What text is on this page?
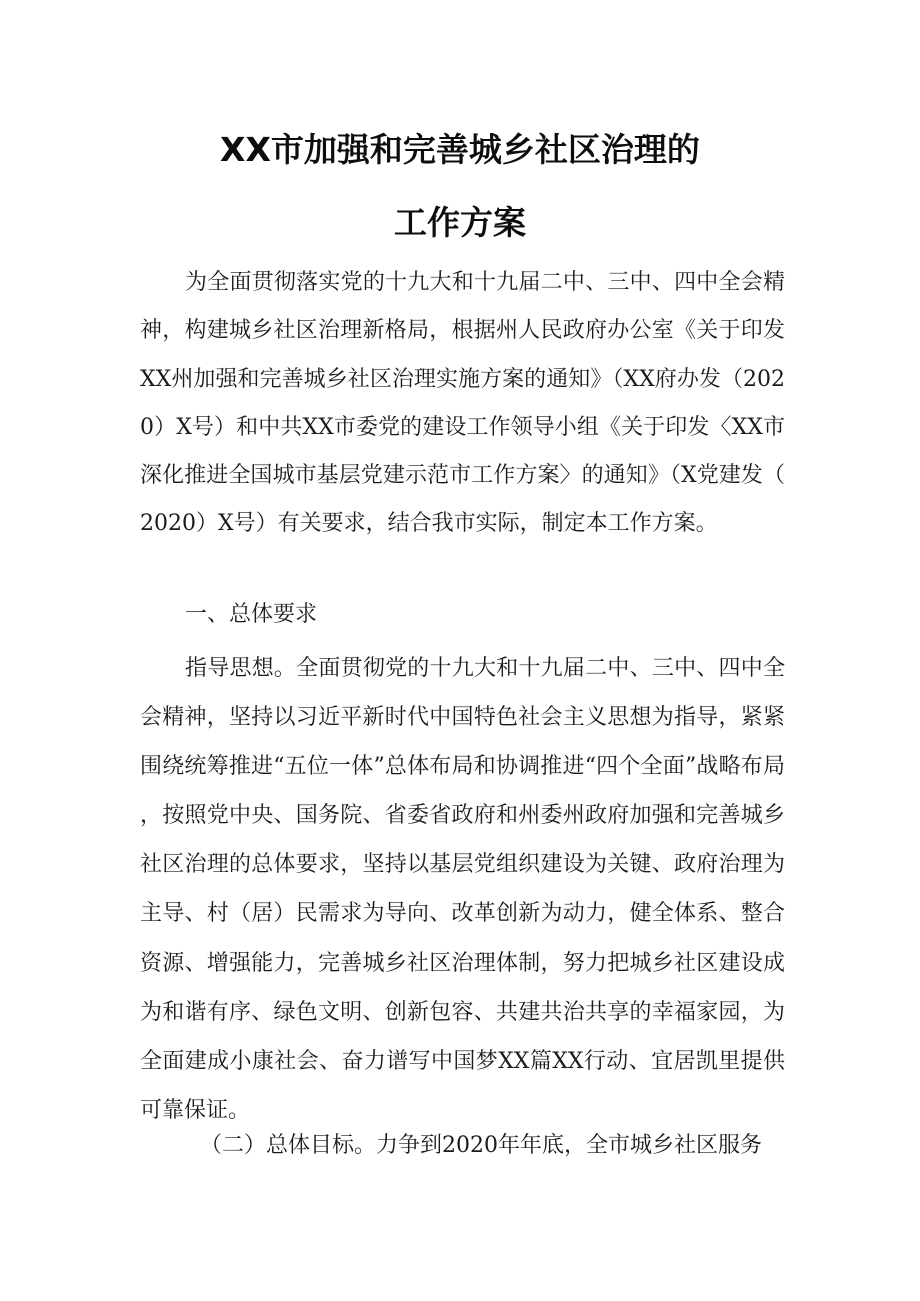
XX市加强和完善城乡社区治理的
工作方案

为全面贯彻落实党的十九大和十九届二中、三中、四中全会精神，构建城乡社区治理新格局，根据州人民政府办公室《关于印发XX州加强和完善城乡社区治理实施方案的通知》（XX府办发（2020）X号）和中共XX市委党的建设工作领导小组《关于印发〈XX市深化推进全国城市基层党建示范市工作方案〉的通知》（X党建发（2020）X号）有关要求，结合我市实际，制定本工作方案。

一、总体要求

指导思想。全面贯彻党的十九大和十九届二中、三中、四中全会精神，坚持以习近平新时代中国特色社会主义思想为指导，紧紧围绕统筹推进“五位一体”总体布局和协调推进“四个全面”战略布局，按照党中央、国务院、省委省政府和州委州政府加强和完善城乡社区治理的总体要求，坚持以基层党组织建设为关键、政府治理为主导、村（居）民需求为导向、改革创新为动力，健全体系、整合资源、增强能力，完善城乡社区治理体制，努力把城乡社区建设成为和谐有序、绿色文明、创新包容、共建共治共享的幸福家园，为全面建成小康社会、奋力谱写中国梦XX篇XX行动、宜居凯里提供可靠保证。

（二）总体目标。力争到2020年年底，全市城乡社区服务
